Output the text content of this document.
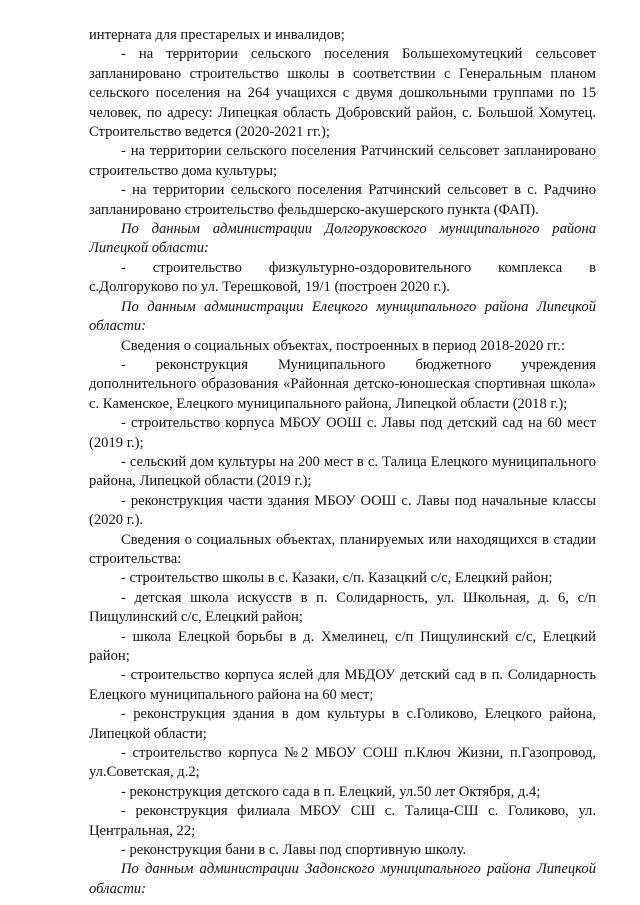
интерната для престарелых и инвалидов;

- на территории сельского поселения Большехомутецкий сельсовет запланировано строительство школы в соответствии с Генеральным планом сельского поселения на 264 учащихся с двумя дошкольными группами по 15 человек, по адресу: Липецкая область Добровский район, с. Большой Хомутец. Строительство ведется (2020-2021 гг.);

- на территории сельского поселения Ратчинский сельсовет запланировано строительство дома культуры;

- на территории сельского поселения Ратчинский сельсовет в с. Радчино запланировано строительство фельдшерско-акушерского пункта (ФАП).

По данным администрации Долгоруковского муниципального района Липецкой области:

- строительство физкультурно-оздоровительного комплекса в с.Долгоруково по ул. Терешковой, 19/1 (построен 2020 г.).

По данным администрации Елецкого муниципального района Липецкой области:

Сведения о социальных объектах, построенных в период 2018-2020 гг.:

- реконструкция Муниципального бюджетного учреждения дополнительного образования «Районная детско-юношеская спортивная школа» с. Каменское, Елецкого муниципального района, Липецкой области (2018 г.);

- строительство корпуса МБОУ ООШ с. Лавы под детский сад на 60 мест (2019 г.);

- сельский дом культуры на 200 мест в с. Талица Елецкого муниципального района, Липецкой области (2019 г.);

- реконструкция части здания МБОУ ООШ с. Лавы под начальные классы (2020 г.).

Сведения о социальных объектах, планируемых или находящихся в стадии строительства:

- строительство школы в с. Казаки, с/п. Казацкий с/с, Елецкий район;

- детская школа искусств в п. Солидарность, ул. Школьная, д. 6, с/п Пищулинский с/с, Елецкий район;

- школа Елецкой борьбы в д. Хмелинец, с/п Пищулинский с/с, Елецкий район;

- строительство корпуса яслей для МБДОУ детский сад в п. Солидарность Елецкого муниципального района на 60 мест;

- реконструкция здания в дом культуры в с.Голиково, Елецкого района, Липецкой области;

- строительство корпуса №2 МБОУ СОШ п.Ключ Жизни, п.Газопровод, ул.Советская, д.2;

- реконструкция детского сада в п. Елецкий, ул.50 лет Октября, д.4;

- реконструкция филиала МБОУ СШ с. Талица-СШ с. Голиково, ул. Центральная, 22;

- реконструкция бани в с. Лавы под спортивную школу.

По данным администрации Задонского муниципального района Липецкой области:
